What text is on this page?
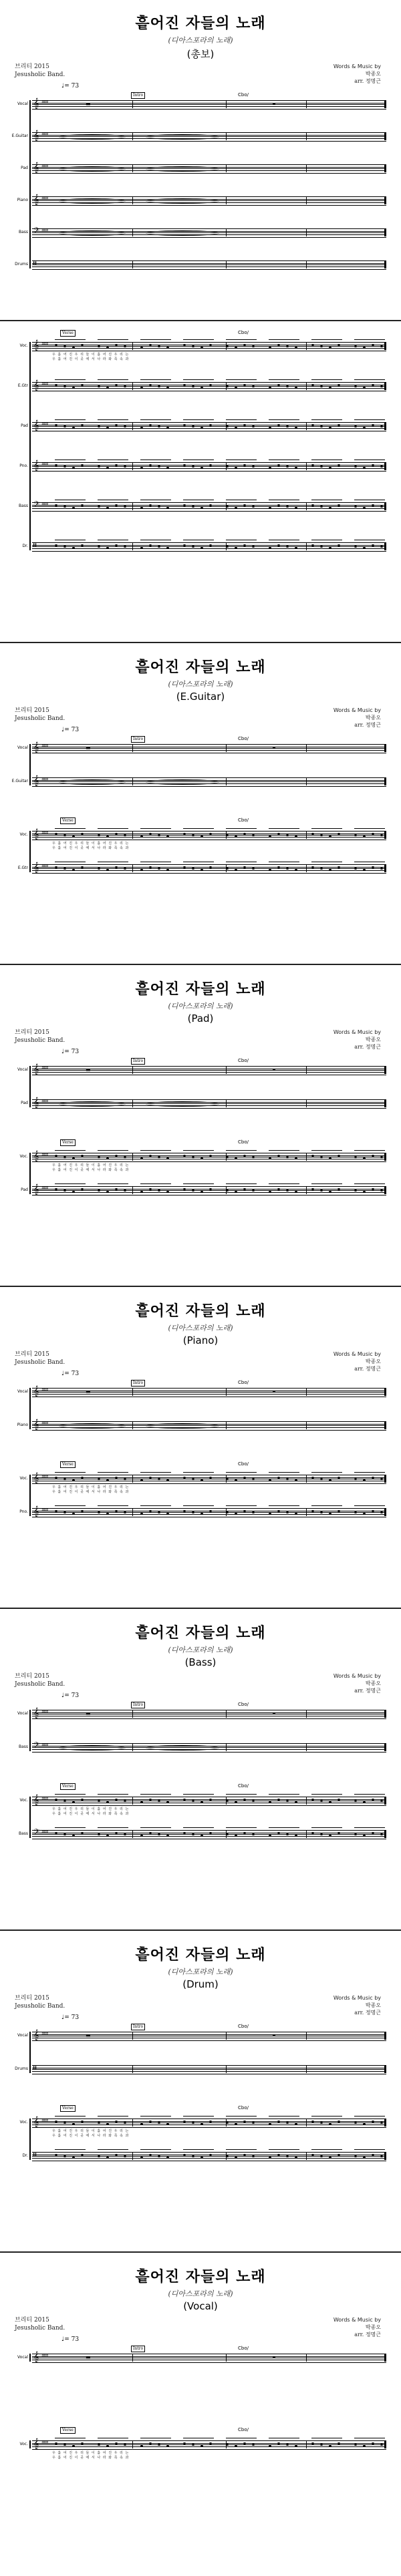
흩어진 자들의 노래
(디아스포라의 노래)
(총보)
브리티 2015
Jesusholic Band.
Words & Music by
박종오
arr. 정명근
♩= 73
Intro	Cbo/
Vocal 𝄞 ♯♯♯♯	▬
E.Guitar 𝄞 ♯♯♯♯
Pad 𝄞 ♯♯♯♯
Piano 𝄞 ♯♯♯♯
Bass 𝄢 ♯♯♯♯
Drums 𝄥
Verse	Cbo/
Voc. 𝄞 ♯♯♯♯
E.Gtr 𝄞 ♯♯♯♯
Pad 𝄞 ♯♯♯♯
Pno. 𝄞 ♯♯♯♯
Bass 𝄢 ♯♯♯♯
Dr. 𝄥
우 흩 어 진 우 리 들 이 흩 어 진 우 리 는
우 흩 어 진 이 곳 에 서 나 라 와 족 속 과
흩어진 자들의 노래
(디아스포라의 노래)
(E.Guitar)
브리티 2015
Jesusholic Band.
Words & Music by
박종오
arr. 정명근
♩= 73
Intro	Cbo/
Vocal 𝄞 ♯♯♯♯	▬
E.Guitar 𝄞 ♯♯♯♯
Verse	Cbo/
Voc. 𝄞 ♯♯♯♯
E.Gtr 𝄞 ♯♯♯♯
우 흩 어 진 우 리 들 이 흩 어 진 우 리 는
우 흩 어 진 이 곳 에 서 나 라 와 족 속 과
흩어진 자들의 노래
(디아스포라의 노래)
(Pad)
브리티 2015
Jesusholic Band.
Words & Music by
박종오
arr. 정명근
♩= 73
Intro	Cbo/
Vocal 𝄞 ♯♯♯♯	▬
Pad 𝄞 ♯♯♯♯
Verse	Cbo/
Voc. 𝄞 ♯♯♯♯
Pad 𝄞 ♯♯♯♯
우 흩 어 진 우 리 들 이 흩 어 진 우 리 는
우 흩 어 진 이 곳 에 서 나 라 와 족 속 과
흩어진 자들의 노래
(디아스포라의 노래)
(Piano)
브리티 2015
Jesusholic Band.
Words & Music by
박종오
arr. 정명근
♩= 73
Intro	Cbo/
Vocal 𝄞 ♯♯♯♯	▬
Piano 𝄞 ♯♯♯♯
Verse	Cbo/
Voc. 𝄞 ♯♯♯♯
Pno. 𝄞 ♯♯♯♯
우 흩 어 진 우 리 들 이 흩 어 진 우 리 는
우 흩 어 진 이 곳 에 서 나 라 와 족 속 과
흩어진 자들의 노래
(디아스포라의 노래)
(Bass)
브리티 2015
Jesusholic Band.
Words & Music by
박종오
arr. 정명근
♩= 73
Intro	Cbo/
Vocal 𝄞 ♯♯♯♯	▬
Bass 𝄢 ♯♯♯♯
Verse	Cbo/
Voc. 𝄞 ♯♯♯♯
Bass 𝄢 ♯♯♯♯
우 흩 어 진 우 리 들 이 흩 어 진 우 리 는
우 흩 어 진 이 곳 에 서 나 라 와 족 속 과
흩어진 자들의 노래
(디아스포라의 노래)
(Drum)
브리티 2015
Jesusholic Band.
Words & Music by
박종오
arr. 정명근
♩= 73
Intro	Cbo/
Vocal 𝄞 ♯♯♯♯	▬
Drums 𝄥
Verse	Cbo/
Voc. 𝄞 ♯♯♯♯
Dr. 𝄥
우 흩 어 진 우 리 들 이 흩 어 진 우 리 는
우 흩 어 진 이 곳 에 서 나 라 와 족 속 과
흩어진 자들의 노래
(디아스포라의 노래)
(Vocal)
브리티 2015
Jesusholic Band.
Words & Music by
박종오
arr. 정명근
♩= 73
Intro	Cbo/
Vocal 𝄞 ♯♯♯♯	▬
Verse	Cbo/
Voc. 𝄞 ♯♯♯♯
우 흩 어 진 우 리 들 이 흩 어 진 우 리 는
우 흩 어 진 이 곳 에 서 나 라 와 족 속 과
